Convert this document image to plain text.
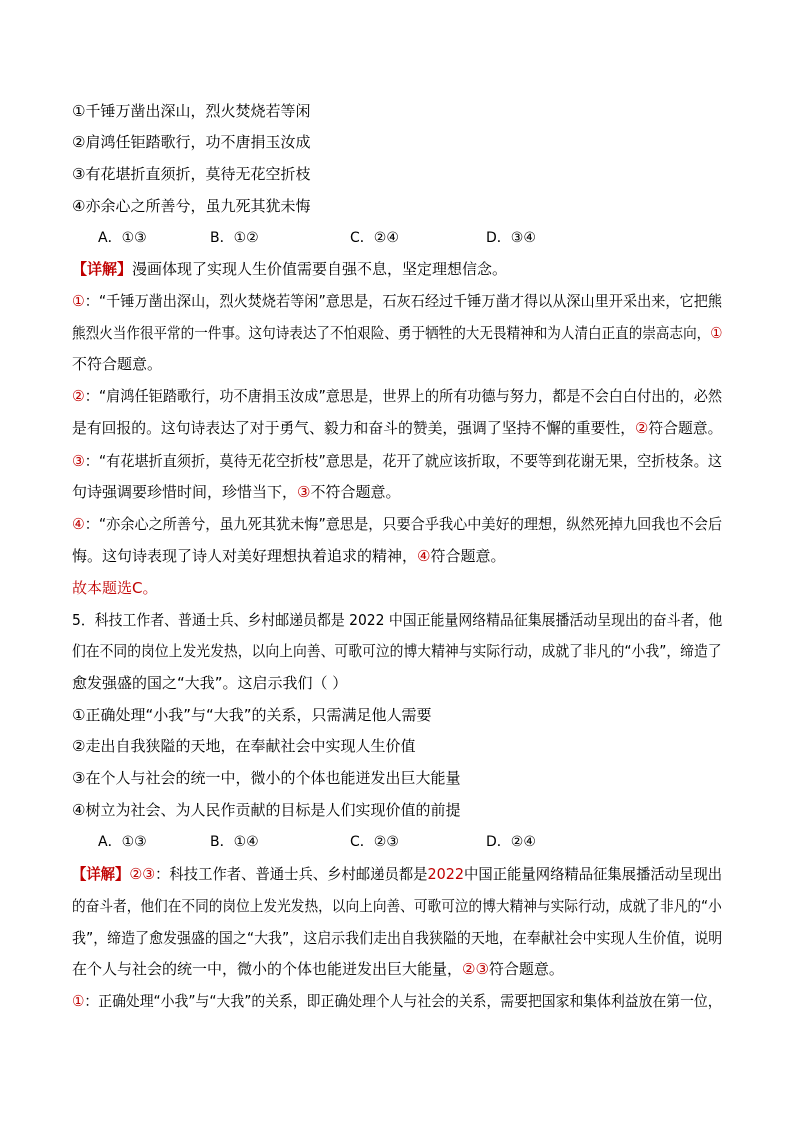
①千锤万凿出深山，烈火焚烧若等闲
②肩鸿任钜踏歌行，功不唐捐玉汝成
③有花堪折直须折，莫待无花空折枝
④亦余心之所善兮，虽九死其犹未悔
A．①③	B．①②	C．②④	D．③④
【详解】漫画体现了实现人生价值需要自强不息，坚定理想信念。
①：“千锤万凿出深山，烈火焚烧若等闲”意思是，石灰石经过千锤万凿才得以从深山里开采出来，它把熊
熊烈火当作很平常的一件事。这句诗表达了不怕艰险、勇于牺牲的大无畏精神和为人清白正直的崇高志向，①
不符合题意。
②：“肩鸿任钜踏歌行，功不唐捐玉汝成”意思是，世界上的所有功德与努力，都是不会白白付出的，必然
是有回报的。这句诗表达了对于勇气、毅力和奋斗的赞美，强调了坚持不懈的重要性，②符合题意。
③：“有花堪折直须折，莫待无花空折枝”意思是，花开了就应该折取，不要等到花谢无果，空折枝条。这
句诗强调要珍惜时间，珍惜当下，③不符合题意。
④：“亦余心之所善兮，虽九死其犹未悔”意思是，只要合乎我心中美好的理想，纵然死掉九回我也不会后
悔。这句诗表现了诗人对美好理想执着追求的精神，④符合题意。
故本题选C。
5．科技工作者、普通士兵、乡村邮递员都是 2022 中国正能量网络精品征集展播活动呈现出的奋斗者，他
们在不同的岗位上发光发热，以向上向善、可歌可泣的博大精神与实际行动，成就了非凡的“小我”，缔造了
愈发强盛的国之“大我”。这启示我们（ ）
①正确处理“小我”与“大我”的关系，只需满足他人需要
②走出自我狭隘的天地，在奉献社会中实现人生价值
③在个人与社会的统一中，微小的个体也能迸发出巨大能量
④树立为社会、为人民作贡献的目标是人们实现价值的前提
A．①③	B．①④	C．②③	D．②④
【详解】②③：科技工作者、普通士兵、乡村邮递员都是2022中国正能量网络精品征集展播活动呈现出
的奋斗者，他们在不同的岗位上发光发热，以向上向善、可歌可泣的博大精神与实际行动，成就了非凡的“小
我”，缔造了愈发强盛的国之“大我”，这启示我们走出自我狭隘的天地，在奉献社会中实现人生价值，说明
在个人与社会的统一中，微小的个体也能迸发出巨大能量，②③符合题意。
①：正确处理“小我”与“大我”的关系，即正确处理个人与社会的关系，需要把国家和集体利益放在第一位，
